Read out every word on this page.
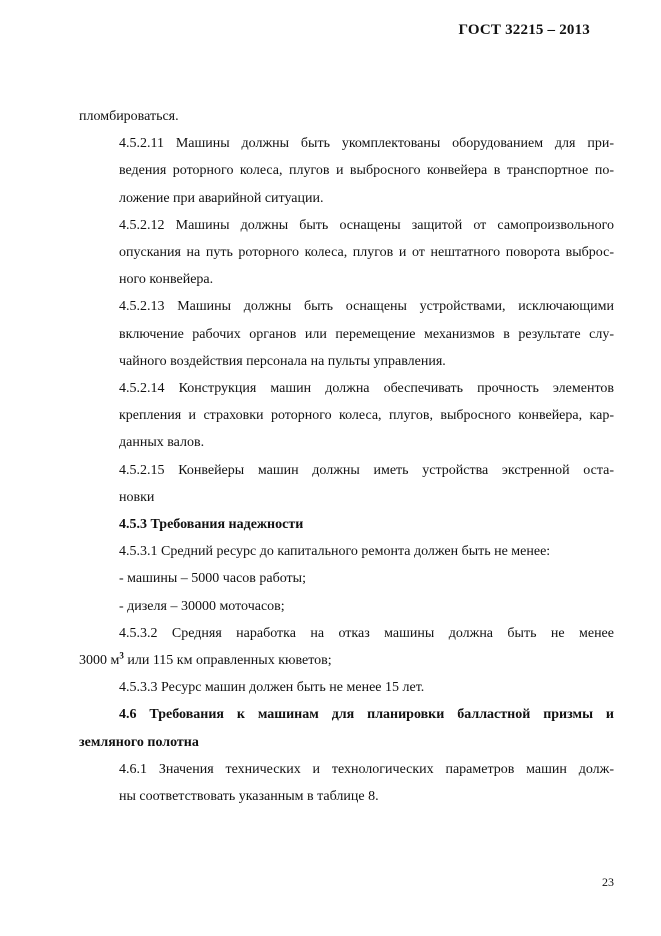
ГОСТ 32215 – 2013

пломбироваться.

4.5.2.11 Машины должны быть укомплектованы оборудованием для при-
ведения роторного колеса, плугов и выбросного конвейера в транспортное по-
ложение при аварийной ситуации.

4.5.2.12 Машины должны быть оснащены защитой от самопроизвольного
опускания на путь роторного колеса, плугов и от нештатного поворота выброс-
ного конвейера.

4.5.2.13 Машины должны быть оснащены устройствами, исключающими
включение рабочих органов или перемещение механизмов в результате слу-
чайного воздействия персонала на пульты управления.

4.5.2.14 Конструкция машин должна обеспечивать прочность элементов
крепления и страховки роторного колеса, плугов, выбросного конвейера, кар-
данных валов.

4.5.2.15 Конвейеры машин должны иметь устройства экстренной оста-
новки

4.5.3 Требования надежности

4.5.3.1 Средний ресурс до капитального ремонта должен быть не менее:

- машины – 5000 часов работы;

- дизеля – 30000 моточасов;

4.5.3.2 Средняя наработка на отказ машины должна быть не менее

3000 $м^3$ или 115 км оправленных кюветов;

4.5.3.3 Ресурс машин должен быть не менее 15 лет.

4.6 Требования к машинам для планировки балластной призмы и
земляного полотна

4.6.1 Значения технических и технологических параметров машин долж-
ны соответствовать указанным в таблице 8.

23
